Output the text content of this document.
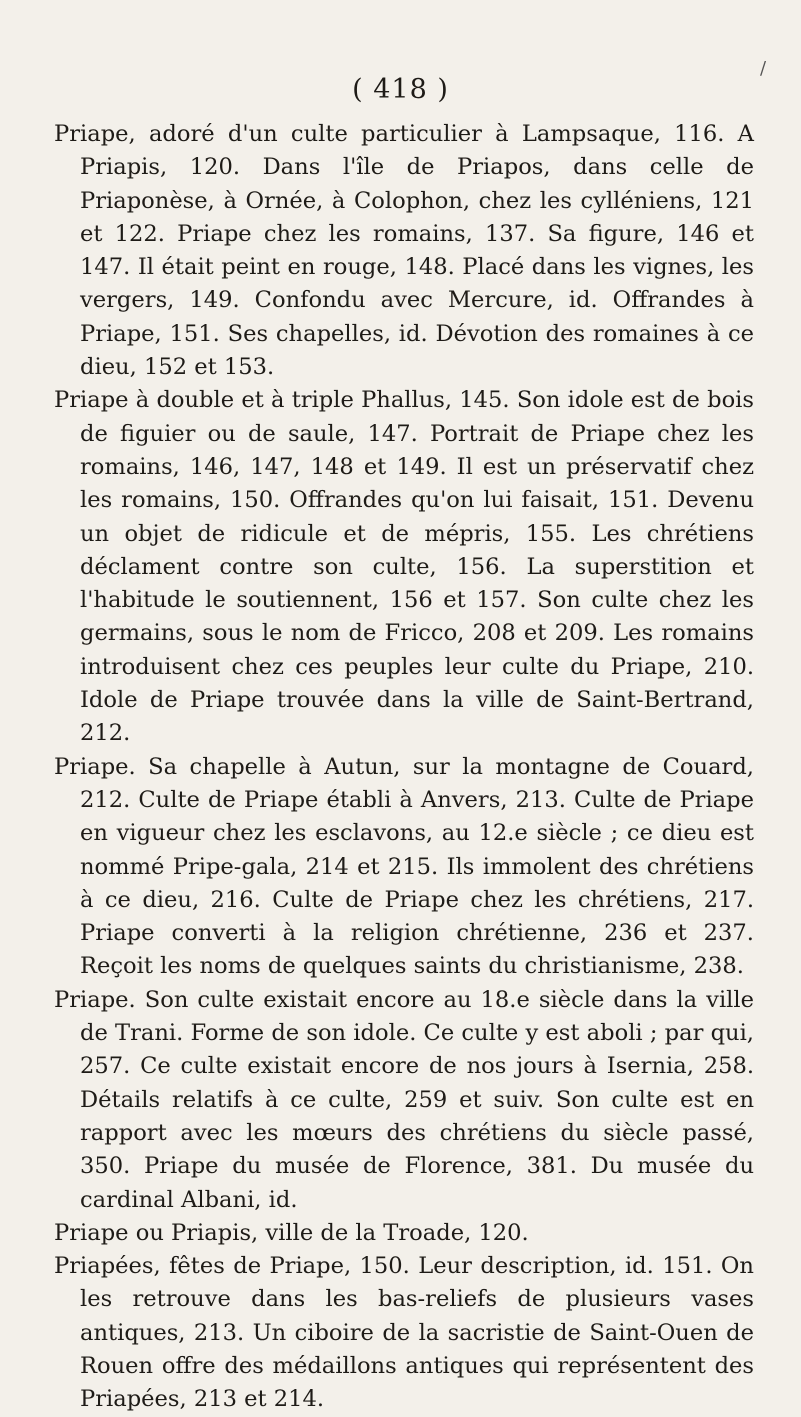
( 418 )
/

Priape, adoré d'un culte particulier à Lampsaque, 116. A Priapis, 120. Dans l'île de Priapos, dans celle de Priaponèse, à Ornée, à Colophon, chez les cylléniens, 121 et 122. Priape chez les romains, 137. Sa figure, 146 et 147. Il était peint en rouge, 148. Placé dans les vignes, les vergers, 149. Confondu avec Mercure, id. Offrandes à Priape, 151. Ses chapelles, id. Dévotion des romaines à ce dieu, 152 et 153.

Priape à double et à triple Phallus, 145. Son idole est de bois de figuier ou de saule, 147. Portrait de Priape chez les romains, 146, 147, 148 et 149. Il est un préservatif chez les romains, 150. Offrandes qu'on lui faisait, 151. Devenu un objet de ridicule et de mépris, 155. Les chrétiens déclament contre son culte, 156. La superstition et l'habitude le soutiennent, 156 et 157. Son culte chez les germains, sous le nom de Fricco, 208 et 209. Les romains introduisent chez ces peuples leur culte du Priape, 210. Idole de Priape trouvée dans la ville de Saint-Bertrand, 212.

Priape. Sa chapelle à Autun, sur la montagne de Couard, 212. Culte de Priape établi à Anvers, 213. Culte de Priape en vigueur chez les esclavons, au 12.e siècle ; ce dieu est nommé Pripe-gala, 214 et 215. Ils immolent des chrétiens à ce dieu, 216. Culte de Priape chez les chrétiens, 217. Priape converti à la religion chrétienne, 236 et 237. Reçoit les noms de quelques saints du christianisme, 238.

Priape. Son culte existait encore au 18.e siècle dans la ville de Trani. Forme de son idole. Ce culte y est aboli ; par qui, 257. Ce culte existait encore de nos jours à Isernia, 258. Détails relatifs à ce culte, 259 et suiv. Son culte est en rapport avec les mœurs des chrétiens du siècle passé, 350. Priape du musée de Florence, 381. Du musée du cardinal Albani, id.

Priape ou Priapis, ville de la Troade, 120.

Priapées, fêtes de Priape, 150. Leur description, id. 151. On les retrouve dans les bas-reliefs de plusieurs vases antiques, 213. Un ciboire de la sacristie de Saint-Ouen de Rouen offre des médaillons antiques qui représentent des Priapées, 213 et 214.
